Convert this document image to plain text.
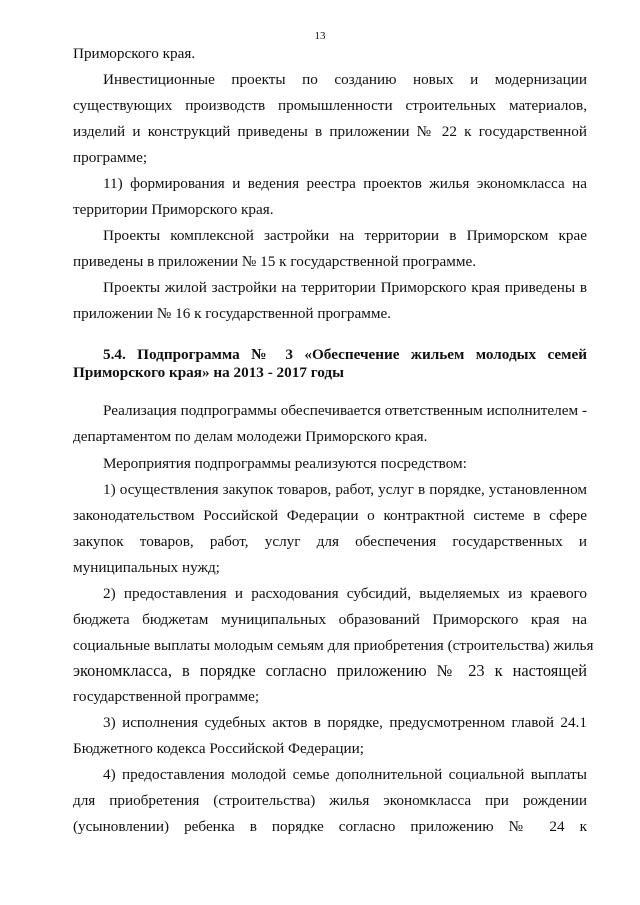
13
Приморского края.
Инвестиционные проекты по созданию новых и модернизации
существующих производств промышленности строительных материалов,
изделий и конструкций приведены в приложении № 22 к государственной
программе;
11) формирования и ведения реестра проектов жилья экономкласса на
территории Приморского края.
Проекты комплексной застройки на территории в Приморском крае
приведены в приложении № 15 к государственной программе.
Проекты жилой застройки на территории Приморского края приведены в
приложении № 16 к государственной программе.
5.4. Подпрограмма № 3 «Обеспечение жильем молодых семей
Приморского края» на 2013 - 2017 годы
Реализация подпрограммы обеспечивается ответственным исполнителем -
департаментом по делам молодежи Приморского края.
Мероприятия подпрограммы реализуются посредством:
1) осуществления закупок товаров, работ, услуг в порядке, установленном
законодательством Российской Федерации о контрактной системе в сфере
закупок товаров, работ, услуг для обеспечения государственных и
муниципальных нужд;
2) предоставления и расходования субсидий, выделяемых из краевого
бюджета бюджетам муниципальных образований Приморского края на
социальные выплаты молодым семьям для приобретения (строительства) жилья
экономкласса, в порядке согласно приложению № 23 к настоящей
государственной программе;
3) исполнения судебных актов в порядке, предусмотренном главой 24.1
Бюджетного кодекса Российской Федерации;
4) предоставления молодой семье дополнительной социальной выплаты
для приобретения (строительства) жилья экономкласса при рождении
(усыновлении) ребенка в порядке согласно приложению № 24 к
